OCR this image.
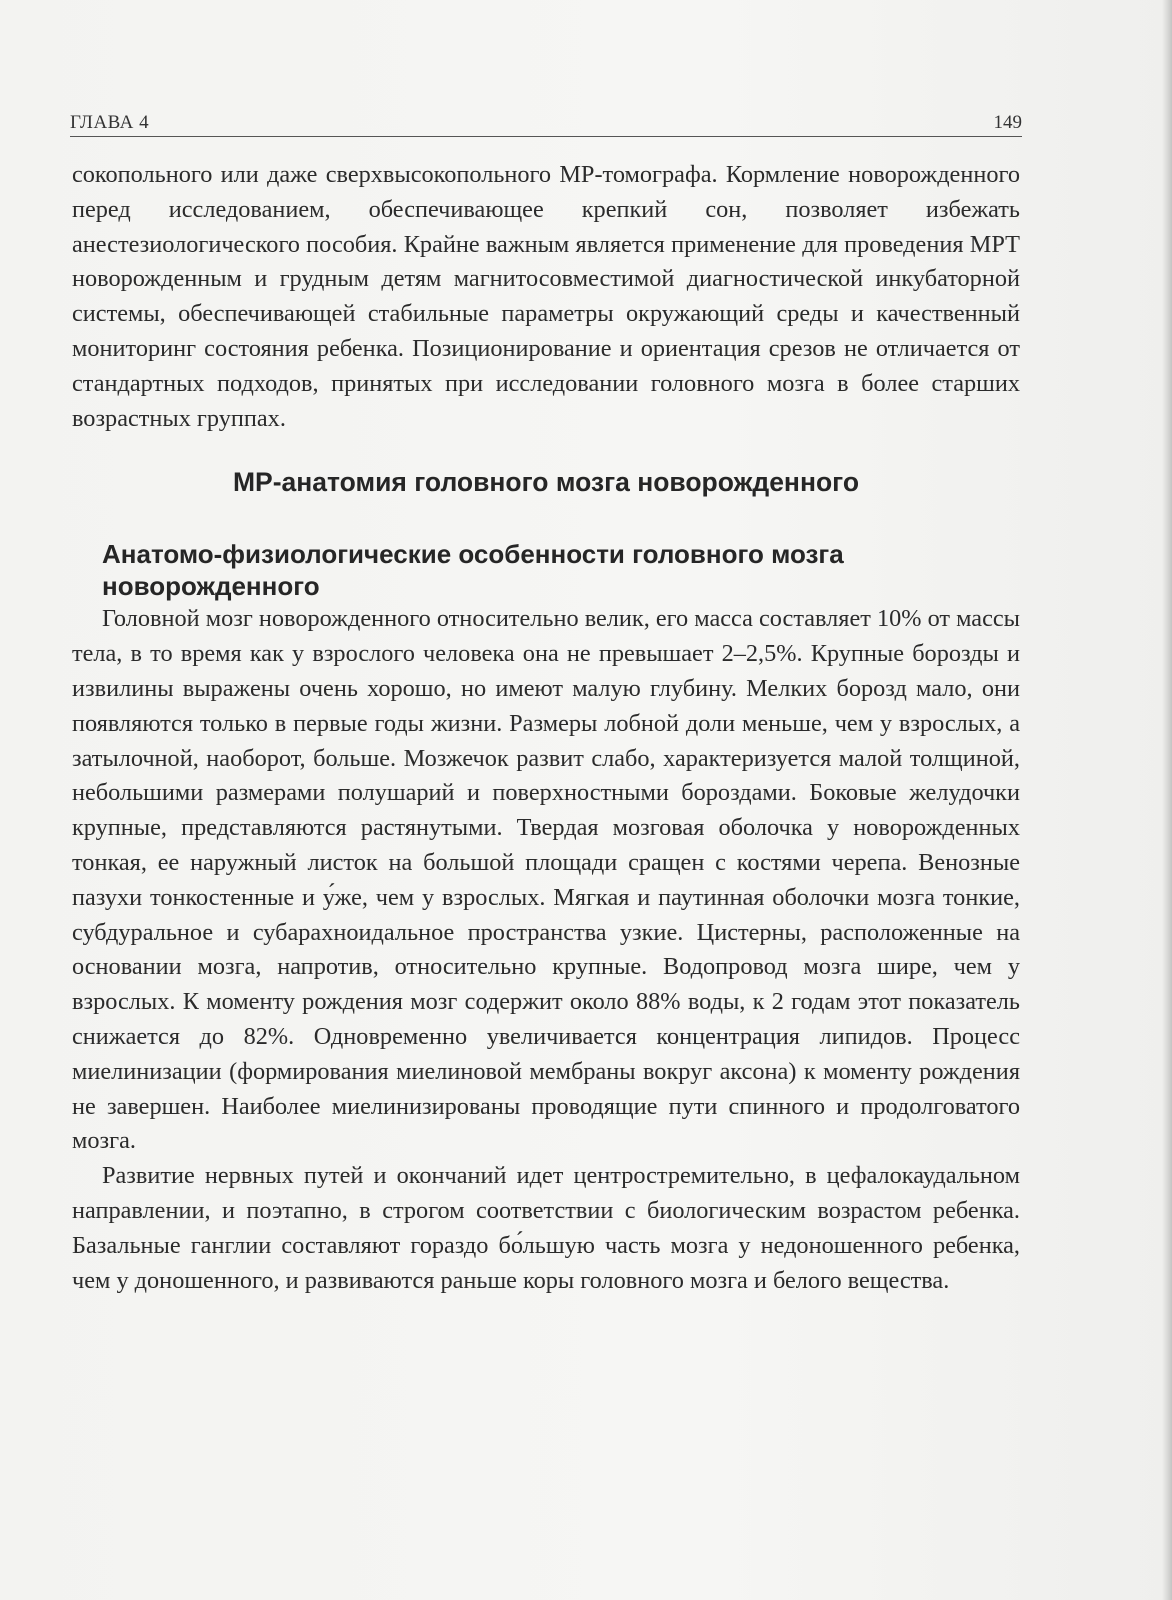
ГЛАВА 4	149

сокопольного или даже сверхвысокопольного МР-томографа. Кормление новорожденного перед исследованием, обеспечивающее крепкий сон, позволяет избежать анестезиологического пособия. Крайне важным является применение для проведения МРТ новорожденным и грудным детям магнитосовместимой диагностической инкубаторной системы, обеспечивающей стабильные параметры окружающий среды и качественный мониторинг состояния ребенка. Позиционирование и ориентация срезов не отличается от стандартных подходов, принятых при исследовании головного мозга в более старших возрастных группах.

МР-анатомия головного мозга новорожденного
Анатомо-физиологические особенности головного мозга новорожденного

Головной мозг новорожденного относительно велик, его масса составляет 10% от массы тела, в то время как у взрослого человека она не превышает 2–2,5%. Крупные борозды и извилины выражены очень хорошо, но имеют малую глубину. Мелких борозд мало, они появляются только в первые годы жизни. Размеры лобной доли меньше, чем у взрослых, а затылочной, наоборот, больше. Мозжечок развит слабо, характеризуется малой толщиной, небольшими размерами полушарий и поверхностными бороздами. Боковые желудочки крупные, представляются растянутыми. Твердая мозговая оболочка у новорожденных тонкая, ее наружный листок на большой площади сращен с костями черепа. Венозные пазухи тонкостенные и у́же, чем у взрослых. Мягкая и паутинная оболочки мозга тонкие, субдуральное и субарахноидальное пространства узкие. Цистерны, расположенные на основании мозга, напротив, относительно крупные. Водопровод мозга шире, чем у взрослых. К моменту рождения мозг содержит около 88% воды, к 2 годам этот показатель снижается до 82%. Одновременно увеличивается концентрация липидов. Процесс миелинизации (формирования миелиновой мембраны вокруг аксона) к моменту рождения не завершен. Наиболее миелинизированы проводящие пути спинного и продолговатого мозга.

Развитие нервных путей и окончаний идет центростремительно, в цефалокаудальном направлении, и поэтапно, в строгом соответствии с биологическим возрастом ребенка. Базальные ганглии составляют гораздо бо́льшую часть мозга у недоношенного ребенка, чем у доношенного, и развиваются раньше коры головного мозга и белого вещества.
